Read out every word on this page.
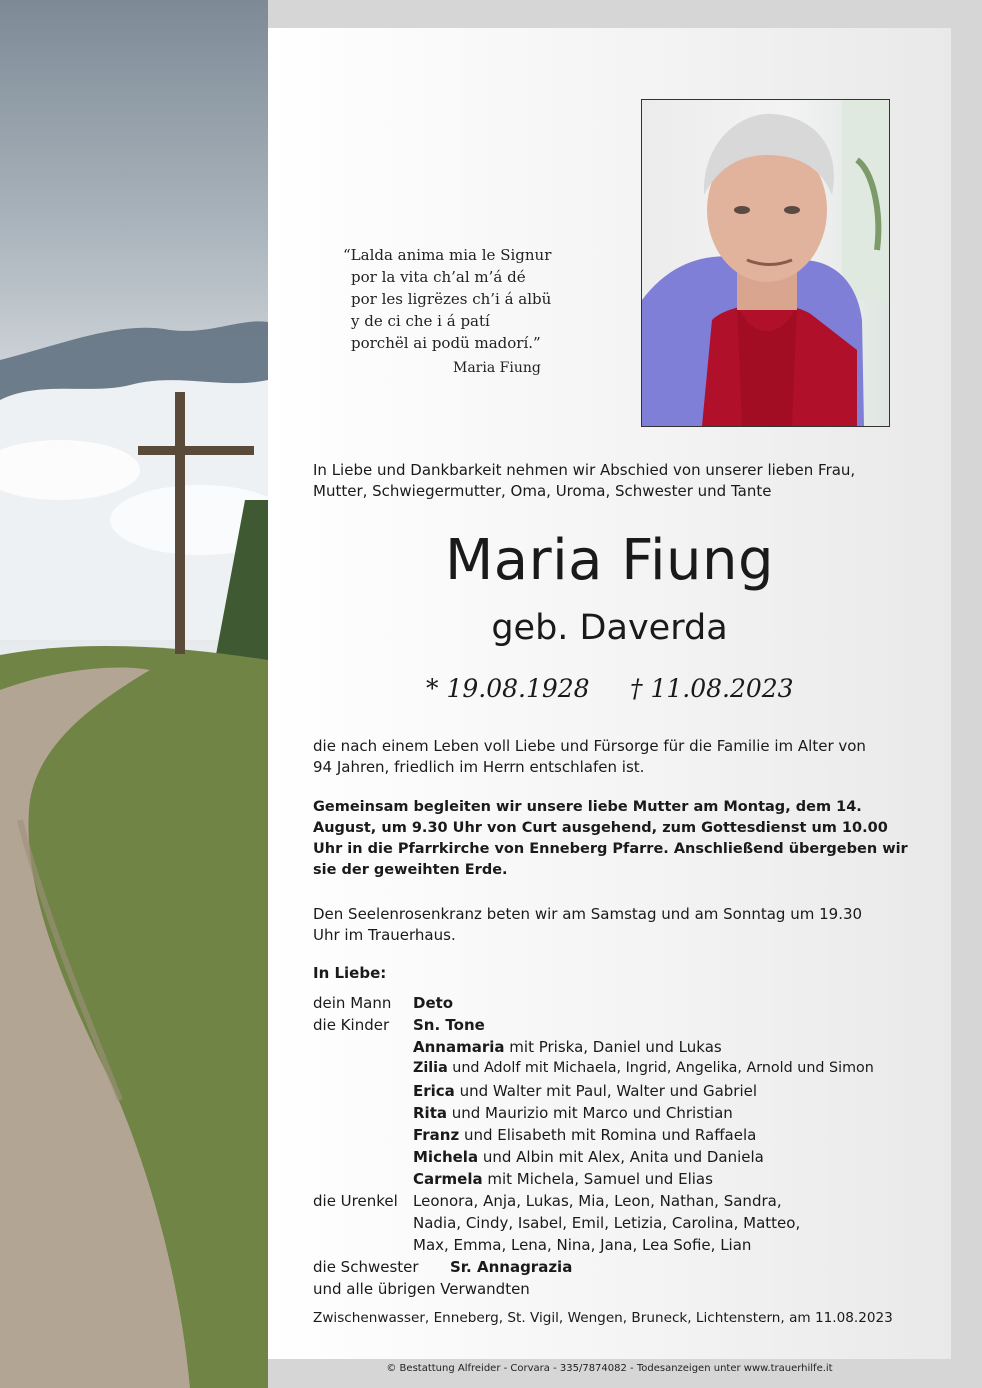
“Lalda anima mia le Signur
por la vita ch’al m’á dé
por les ligrëzes ch’i á albü
y de ci che i á patí
porchël ai podü madorí.”
Maria Fiung
In Liebe und Dankbarkeit nehmen wir Abschied von unserer lieben Frau,
Mutter, Schwiegermutter, Oma, Uroma, Schwester und Tante
Maria Fiung
geb. Daverda
* 19.08.1928 † 11.08.2023
die nach einem Leben voll Liebe und Fürsorge für die Familie im Alter von
94 Jahren, friedlich im Herrn entschlafen ist.
Gemeinsam begleiten wir unsere liebe Mutter am Montag, dem 14.
August, um 9.30 Uhr von Curt ausgehend, zum Gottesdienst um 10.00
Uhr in die Pfarrkirche von Enneberg Pfarre. Anschließend übergeben wir
sie der geweihten Erde.
Den Seelenrosenkranz beten wir am Samstag und am Sonntag um 19.30
Uhr im Trauerhaus.
In Liebe:
dein Mann Deto
die Kinder Sn. Tone
Annamaria mit Priska, Daniel und Lukas
Zilia und Adolf mit Michaela, Ingrid, Angelika, Arnold und Simon
Erica und Walter mit Paul, Walter und Gabriel
Rita und Maurizio mit Marco und Christian
Franz und Elisabeth mit Romina und Raffaela
Michela und Albin mit Alex, Anita und Daniela
Carmela mit Michela, Samuel und Elias
die Urenkel Leonora, Anja, Lukas, Mia, Leon, Nathan, Sandra,
Nadia, Cindy, Isabel, Emil, Letizia, Carolina, Matteo,
Max, Emma, Lena, Nina, Jana, Lea Sofie, Lian
die Schwester Sr. Annagrazia
und alle übrigen Verwandten
Zwischenwasser, Enneberg, St. Vigil, Wengen, Bruneck, Lichtenstern, am 11.08.2023
© Bestattung Alfreider - Corvara - 335/7874082 - Todesanzeigen unter www.trauerhilfe.it
